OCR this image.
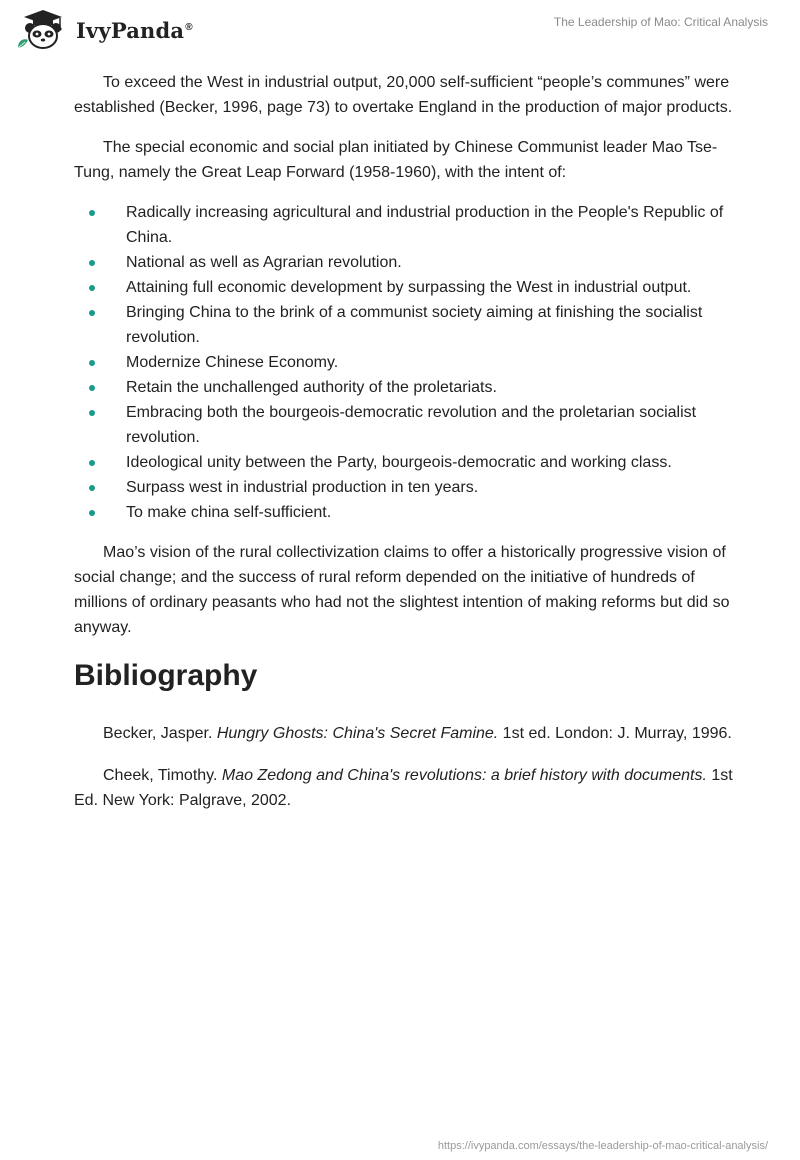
IvyPanda®	The Leadership of Mao: Critical Analysis

To exceed the West in industrial output, 20,000 self-sufficient “people’s communes” were established (Becker, 1996, page 73) to overtake England in the production of major products.

The special economic and social plan initiated by Chinese Communist leader Mao Tse-Tung, namely the Great Leap Forward (1958-1960), with the intent of:

Radically increasing agricultural and industrial production in the People's Republic of China.
National as well as Agrarian revolution.
Attaining full economic development by surpassing the West in industrial output.
Bringing China to the brink of a communist society aiming at finishing the socialist revolution.
Modernize Chinese Economy.
Retain the unchallenged authority of the proletariats.
Embracing both the bourgeois-democratic revolution and the proletarian socialist revolution.
Ideological unity between the Party, bourgeois-democratic and working class.
Surpass west in industrial production in ten years.
To make china self-sufficient.

Mao’s vision of the rural collectivization claims to offer a historically progressive vision of social change; and the success of rural reform depended on the initiative of hundreds of millions of ordinary peasants who had not the slightest intention of making reforms but did so anyway.

Bibliography

Becker, Jasper. Hungry Ghosts: China's Secret Famine. 1st ed. London: J. Murray, 1996.

Cheek, Timothy. Mao Zedong and China's revolutions: a brief history with documents. 1st Ed. New York: Palgrave, 2002.

https://ivypanda.com/essays/the-leadership-of-mao-critical-analysis/
